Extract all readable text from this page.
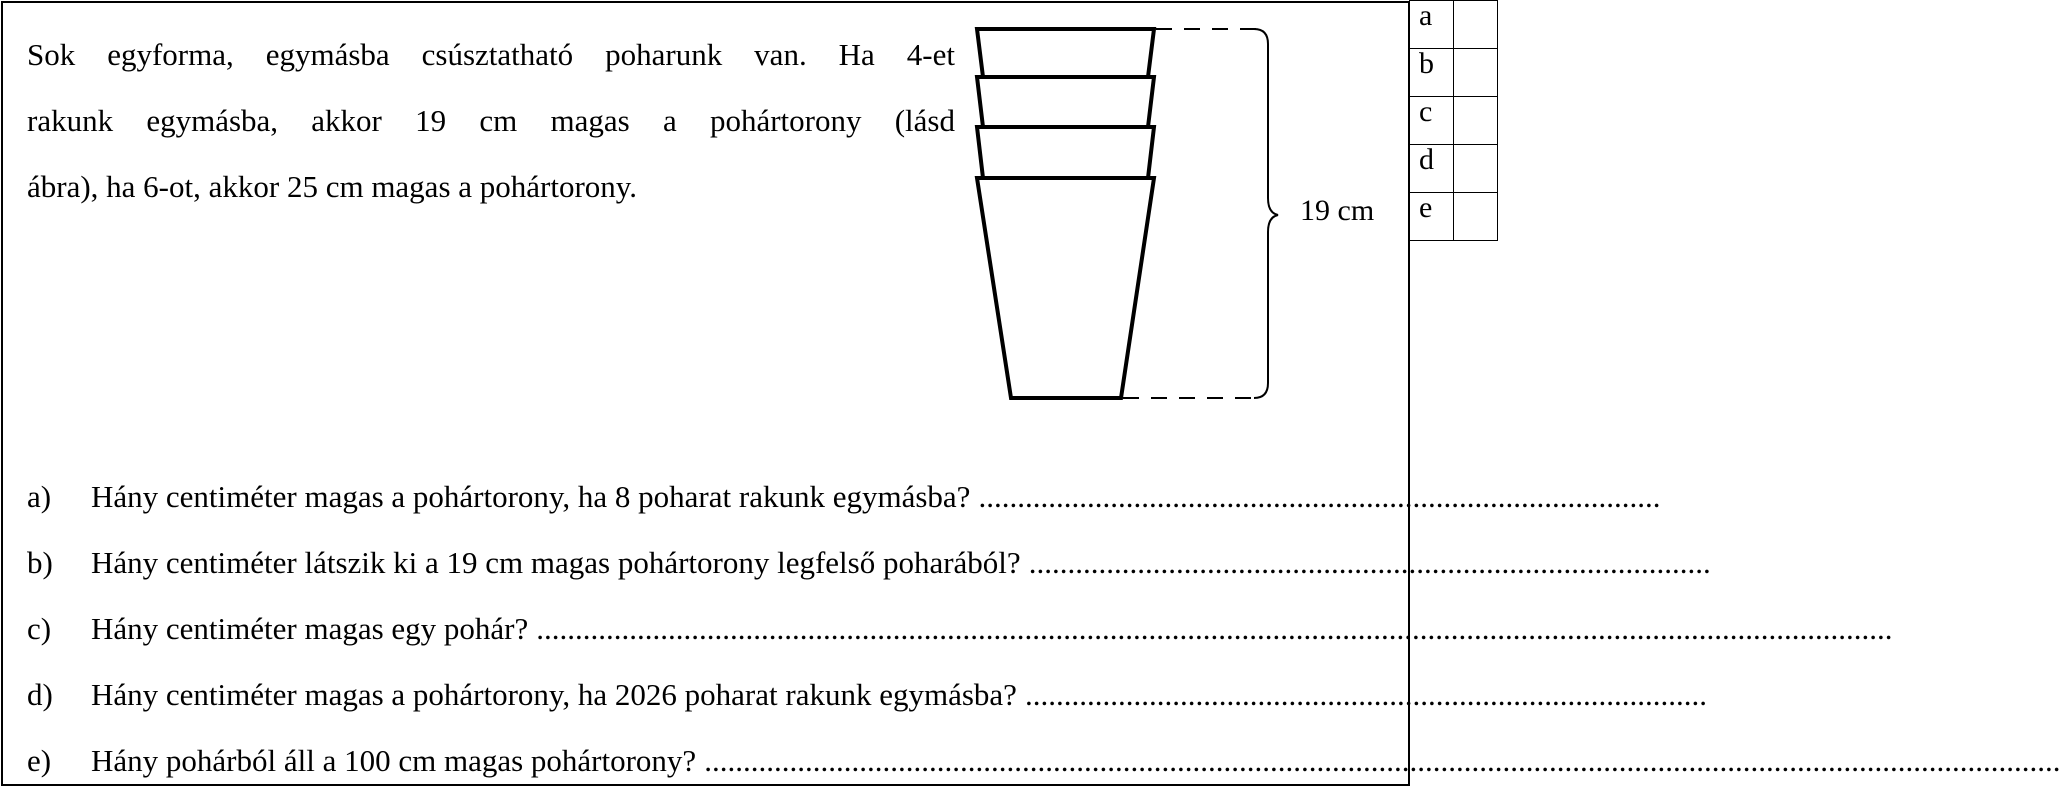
Sok egyforma, egymásba csúsztatható poharunk van. Ha 4-et
rakunk egymásba, akkor 19 cm magas a pohártorony (lásd
ábra), ha 6-ot, akkor 25 cm magas a pohártorony.
19 cm
a)	Hány centiméter magas a pohártorony, ha 8 poharat rakunk egymásba? ........................................................................................
b)	Hány centiméter látszik ki a 19 cm magas pohártorony legfelső poharából? ........................................................................................
c)	Hány centiméter magas egy pohár? ...............................................................................................................................................................................
d)	Hány centiméter magas a pohártorony, ha 2026 poharat rakunk egymásba? ........................................................................................
e)	Hány pohárból áll a 100 cm magas pohártorony? ...............................................................................................................................................................................
a	
b	
c	
d	
e	
